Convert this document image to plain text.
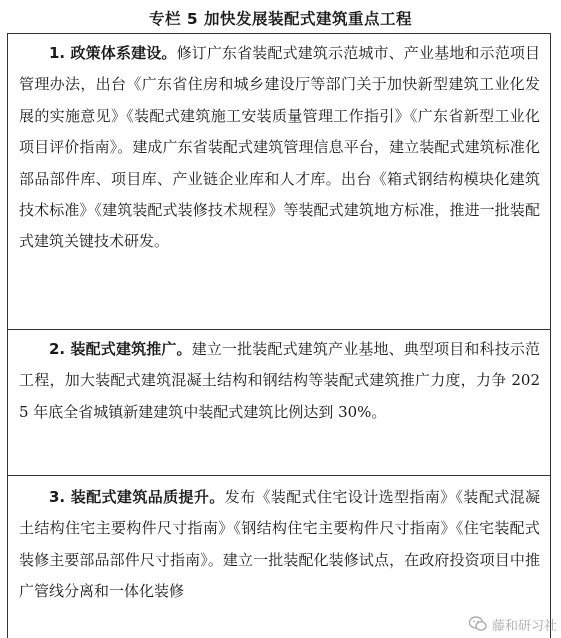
专栏 5 加快发展装配式建筑重点工程

1. 政策体系建设。修订广东省装配式建筑示范城市、产业基地和示范项目管理办法，出台《广东省住房和城乡建设厅等部门关于加快新型建筑工业化发展的实施意见》《装配式建筑施工安装质量管理工作指引》《广东省新型工业化项目评价指南》。建成广东省装配式建筑管理信息平台，建立装配式建筑标准化部品部件库、项目库、产业链企业库和人才库。出台《箱式钢结构模块化建筑技术标准》《建筑装配式装修技术规程》等装配式建筑地方标准，推进一批装配式建筑关键技术研发。

2. 装配式建筑推广。建立一批装配式建筑产业基地、典型项目和科技示范工程，加大装配式建筑混凝土结构和钢结构等装配式建筑推广力度，力争 2025 年底全省城镇新建建筑中装配式建筑比例达到 30%。

3. 装配式建筑品质提升。发布《装配式住宅设计选型指南》《装配式混凝土结构住宅主要构件尺寸指南》《钢结构住宅主要构件尺寸指南》《住宅装配式装修主要部品部件尺寸指南》。建立一批装配化装修试点，在政府投资项目中推广管线分离和一体化装修

藤和研习社
